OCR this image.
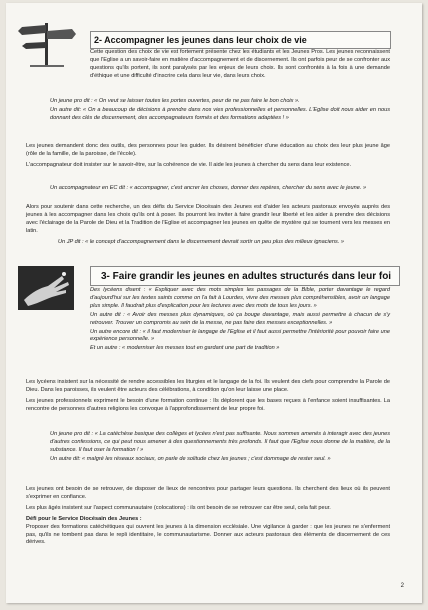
2- Accompagner les jeunes dans leur choix de vie

Cette question des choix de vie est fortement présente chez les étudiants et les Jeunes Pros. Les jeunes reconnaissent que l'Eglise a un savoir-faire en matière d'accompagnement et de discernement. Ils ont parfois peur de se confronter aux questions qu'ils portent, ils sont paralysés par les enjeux de leurs choix. Ils sont confrontés à la fois à une demande d'éthique et une difficulté d'inscrire cela dans leur vie, dans leurs choix.

Un jeune pro dit : « On veut se laisser toutes les portes ouvertes, peur de ne pas faire le bon choix ».

Un autre dit: « On a beaucoup de décisions à prendre dans nos vies professionnelles et personnelles. L'Eglise doit nous aider en nous donnant des clés de discernement, des accompagnateurs formés et des formations adaptées ! »

Les jeunes demandent donc des outils, des personnes pour les guider. Ils désirent bénéficier d'une éducation au choix des leur plus jeune âge (rôle de la famille, de la paroisse, de l'école).

L'accompagnateur doit insister sur le savoir-être, sur la cohérence de vie. Il aide les jeunes à chercher du sens dans leur existence.

Un accompagnateur en EC dit : « accompagner, c'est ancrer les choses, donner des repères, chercher du sens avec le jeune. »

Alors pour soutenir dans cette recherche, un des défis du Service Diocésain des Jeunes est d'aider les acteurs pastoraux envoyés auprès des jeunes à les accompagner dans les choix qu'ils ont à poser. Ils pourront les inviter à faire grandir leur liberté et les aider à prendre des décisions avec l'éclairage de la Parole de Dieu et la Tradition de l'Eglise et accompagner les jeunes en quête de mystère qui se tournent vers les messes en latin.

Un JP dit : « le concept d'accompagnement dans le discernement devrait sortir un peu plus des milieux ignaciens. »

3- Faire grandir les jeunes en adultes structurés dans leur foi

Des lycéens disent : « Expliquer avec des mots simples les passages de la Bible, porter davantage le regard d'aujourd'hui sur les textes saints comme on l'a fait à Lourdes, vivre des messes plus compréhensibles, avoir un langage plus simple. Il faudrait plus d'explication pour les lectures avec des mots de tous les jours. »

Un autre dit : « Avoir des messes plus dynamiques, où ça bouge davantage, mais aussi permettre à chacun de s'y retrouver. Trouver un compromis au sein de la messe, ne pas faire des messes exceptionnelles. »

Un autre encore dit : « il faut moderniser le langage de l'Eglise et il faut aussi permettre l'intériorité pour pouvoir faire une expérience personnelle. »

Et un autre : « moderniser les messes tout en gardant une part de tradition »

Les lycéens insistent sur la nécessité de rendre accessibles les liturgies et le langage de la foi. Ils veulent des clefs pour comprendre la Parole de Dieu. Dans les paroisses, ils veulent être acteurs des célébrations, à condition qu'on leur laisse une place.

Les jeunes professionnels expriment le besoin d'une formation continue : Ils déplorent que les bases reçues à l'enfance soient insuffisantes. La rencontre de personnes d'autres religions les convoque à l'approfondissement de leur propre foi.

Un jeune pro dit : « La catéchèse basique des collèges et lycées n'est pas suffisante. Nous sommes amenés à interagir avec des jeunes d'autres confessions, ce qui peut nous amener à des questionnements très profonds. Il faut que l'Eglise nous donne de la matière, de la substance. Il faut oser la formation ! »

Un autre dit: « malgré les réseaux sociaux, on parle de solitude chez les jeunes ; c'est dommage de rester seul. »

Les jeunes ont besoin de se retrouver, de disposer de lieux de rencontres pour partager leurs questions. Ils cherchent des lieux où ils peuvent s'exprimer en confiance.

Les plus âgés insistent sur l'aspect communautaire (colocations) : ils ont besoin de se retrouver car être seul, cela fait peur.

Défi pour le Service Diocésain des Jeunes :

Proposer des formations catéchétiques qui ouvrent les jeunes à la dimension ecclésiale. Une vigilance à garder : que les jeunes ne s'enferment pas, qu'ils ne tombent pas dans le repli identitaire, le communautarisme. Donner aux acteurs pastoraux des éléments de discernement de ces dérives.

2
